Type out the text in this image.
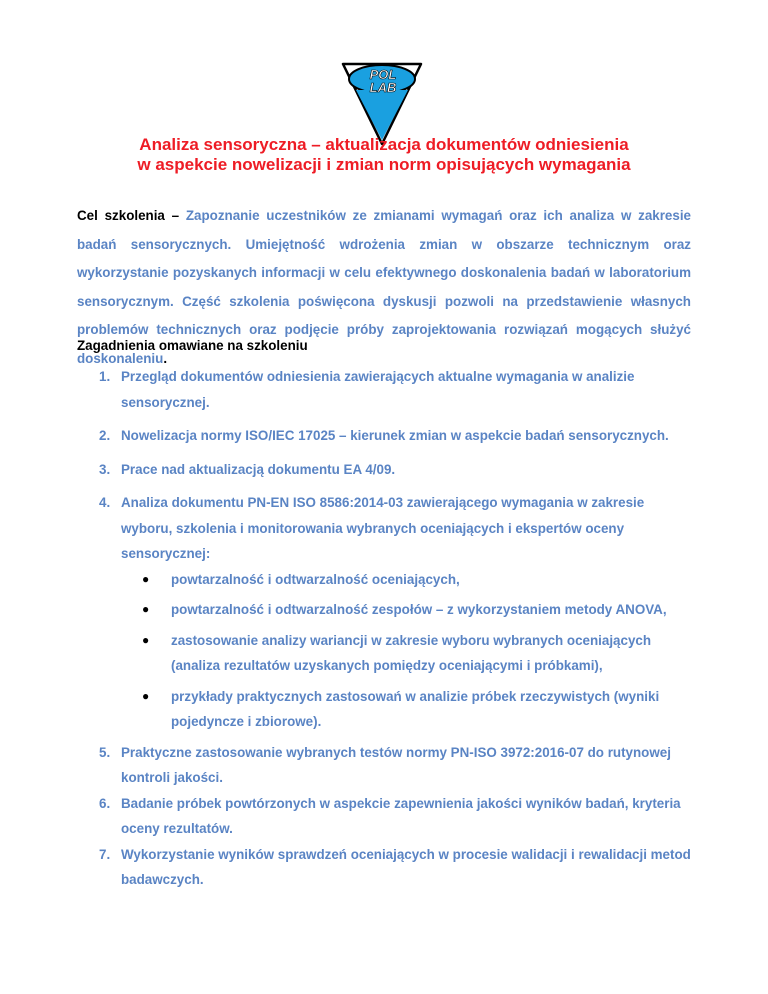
POL
LAB
Analiza sensoryczna – aktualizacja dokumentów odniesienia
w aspekcie nowelizacji i zmian norm opisujących wymagania
Cel szkolenia – Zapoznanie uczestników ze zmianami wymagań oraz ich analiza w zakresie badań sensorycznych. Umiejętność wdrożenia zmian w obszarze technicznym oraz wykorzystanie pozyskanych informacji w celu efektywnego doskonalenia badań w laboratorium sensorycznym. Część szkolenia poświęcona dyskusji pozwoli na przedstawienie własnych problemów technicznych oraz podjęcie próby zaprojektowania rozwiązań mogących służyć doskonaleniu.
Zagadnienia omawiane na szkoleniu
1. Przegląd dokumentów odniesienia zawierających aktualne wymagania w analizie sensorycznej.
2. Nowelizacja normy ISO/IEC 17025 – kierunek zmian w aspekcie badań sensorycznych.
3. Prace nad aktualizacją dokumentu EA 4/09.
4. Analiza dokumentu PN-EN ISO 8586:2014-03 zawierającego wymagania w zakresie wyboru, szkolenia i monitorowania wybranych oceniających i ekspertów oceny sensorycznej:
● powtarzalność i odtwarzalność oceniających,
● powtarzalność i odtwarzalność zespołów – z wykorzystaniem metody ANOVA,
● zastosowanie analizy wariancji w zakresie wyboru wybranych oceniających (analiza rezultatów uzyskanych pomiędzy oceniającymi i próbkami),
● przykłady praktycznych zastosowań w analizie próbek rzeczywistych (wyniki pojedyncze i zbiorowe).
5. Praktyczne zastosowanie wybranych testów normy PN-ISO 3972:2016-07 do rutynowej kontroli jakości.
6. Badanie próbek powtórzonych w aspekcie zapewnienia jakości wyników badań, kryteria oceny rezultatów.
7. Wykorzystanie wyników sprawdzeń oceniających w procesie walidacji i rewalidacji metod badawczych.
